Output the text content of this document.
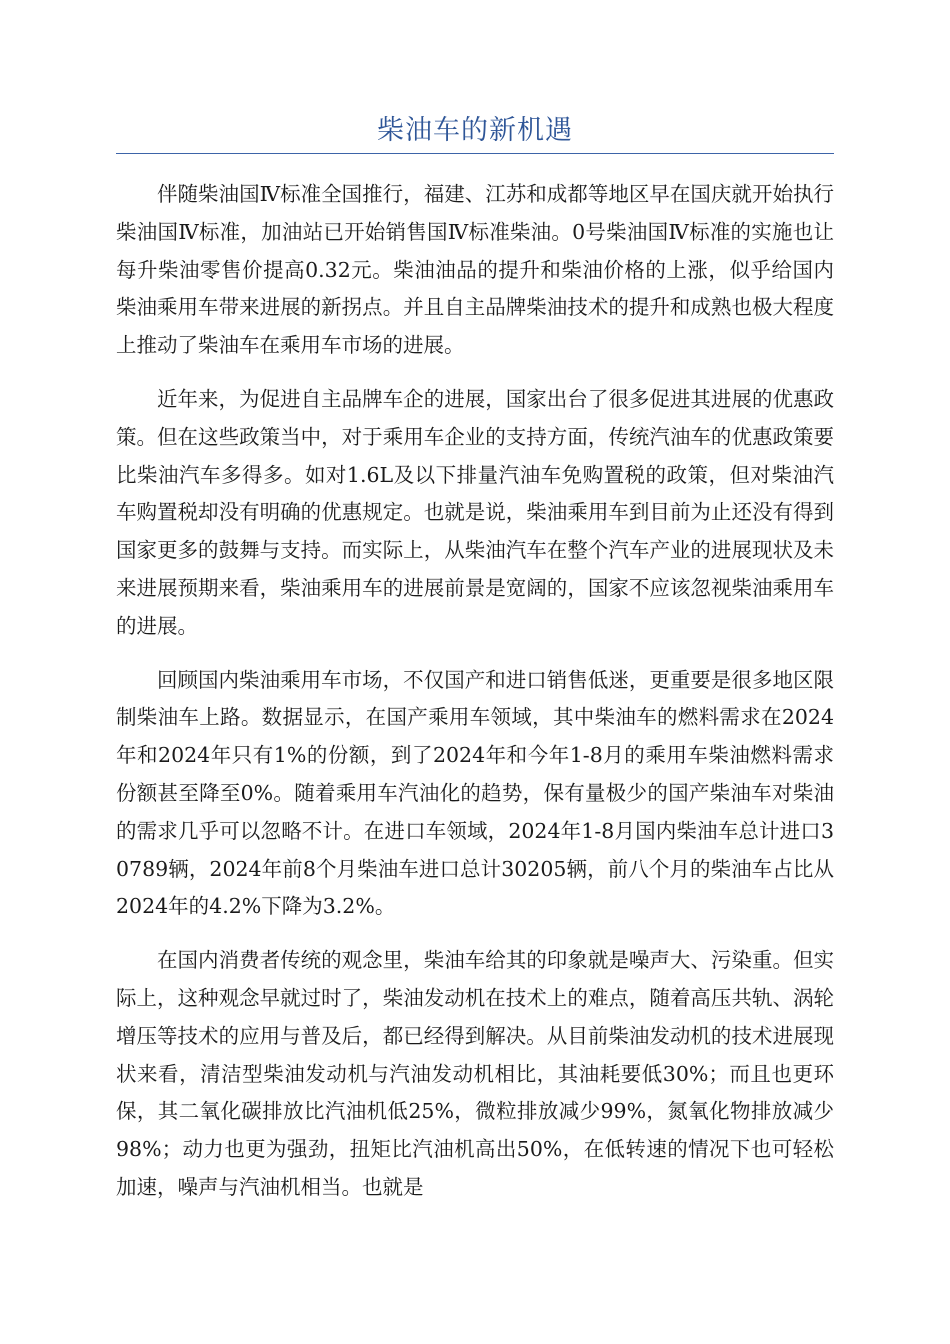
柴油车的新机遇

伴随柴油国Ⅳ标准全国推行，福建、江苏和成都等地区早在国庆就开始执行柴油国Ⅳ标准，加油站已开始销售国Ⅳ标准柴油。0号柴油国Ⅳ标准的实施也让每升柴油零售价提高0.32元。柴油油品的提升和柴油价格的上涨，似乎给国内柴油乘用车带来进展的新拐点。并且自主品牌柴油技术的提升和成熟也极大程度上推动了柴油车在乘用车市场的进展。

近年来，为促进自主品牌车企的进展，国家出台了很多促进其进展的优惠政策。但在这些政策当中，对于乘用车企业的支持方面，传统汽油车的优惠政策要比柴油汽车多得多。如对1.6L及以下排量汽油车免购置税的政策，但对柴油汽车购置税却没有明确的优惠规定。也就是说，柴油乘用车到目前为止还没有得到国家更多的鼓舞与支持。而实际上，从柴油汽车在整个汽车产业的进展现状及未来进展预期来看，柴油乘用车的进展前景是宽阔的，国家不应该忽视柴油乘用车的进展。

回顾国内柴油乘用车市场，不仅国产和进口销售低迷，更重要是很多地区限制柴油车上路。数据显示，在国产乘用车领域，其中柴油车的燃料需求在2024年和2024年只有1%的份额，到了2024年和今年1-8月的乘用车柴油燃料需求份额甚至降至0%。随着乘用车汽油化的趋势，保有量极少的国产柴油车对柴油的需求几乎可以忽略不计。在进口车领域，2024年1-8月国内柴油车总计进口30789辆，2024年前8个月柴油车进口总计30205辆，前八个月的柴油车占比从2024年的4.2%下降为3.2%。

在国内消费者传统的观念里，柴油车给其的印象就是噪声大、污染重。但实际上，这种观念早就过时了，柴油发动机在技术上的难点，随着高压共轨、涡轮增压等技术的应用与普及后，都已经得到解决。从目前柴油发动机的技术进展现状来看，清洁型柴油发动机与汽油发动机相比，其油耗要低30%；而且也更环保，其二氧化碳排放比汽油机低25%，微粒排放减少99%，氮氧化物排放减少98%；动力也更为强劲，扭矩比汽油机高出50%，在低转速的情况下也可轻松加速，噪声与汽油机相当。也就是
